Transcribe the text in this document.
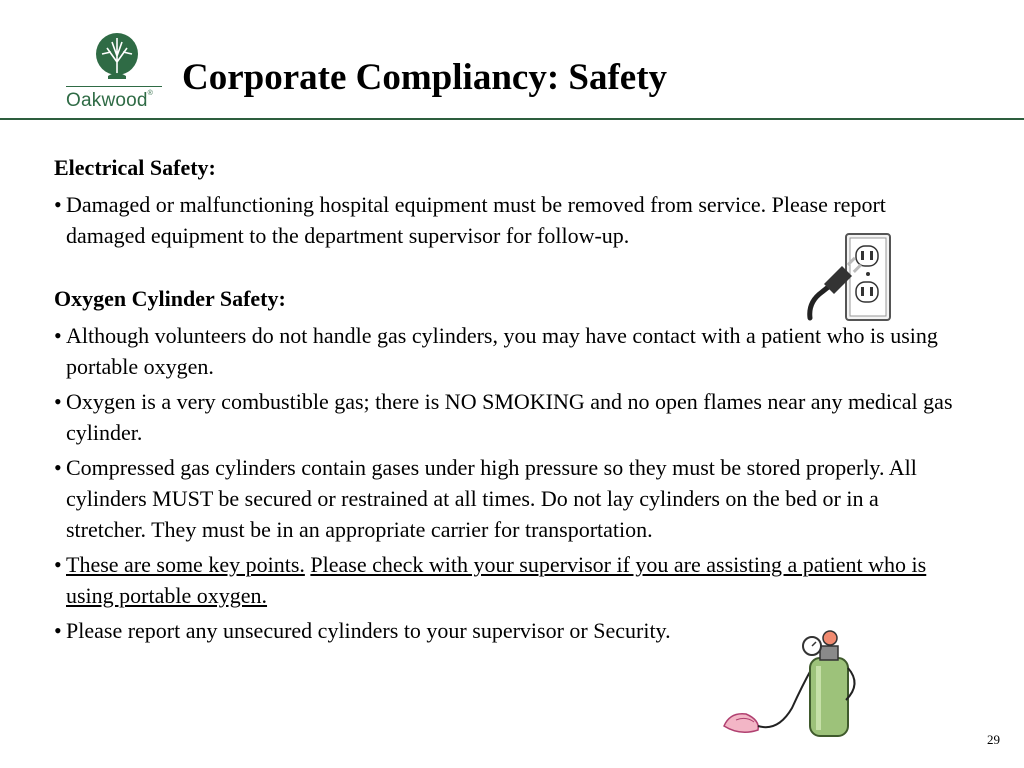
Oakwood® Corporate Compliancy: Safety
Electrical Safety:
• Damaged or malfunctioning hospital equipment must be removed from service. Please report damaged equipment to the department supervisor for follow-up.
Oxygen Cylinder Safety:
• Although volunteers do not handle gas cylinders, you may have contact with a patient who is using portable oxygen.
• Oxygen is a very combustible gas; there is NO SMOKING and no open flames near any medical gas cylinder.
• Compressed gas cylinders contain gases under high pressure so they must be stored properly. All cylinders MUST be secured or restrained at all times. Do not lay cylinders on the bed or in a stretcher. They must be in an appropriate carrier for transportation.
• These are some key points. Please check with your supervisor if you are assisting a patient who is using portable oxygen.
• Please report any unsecured cylinders to your supervisor or Security.
29
